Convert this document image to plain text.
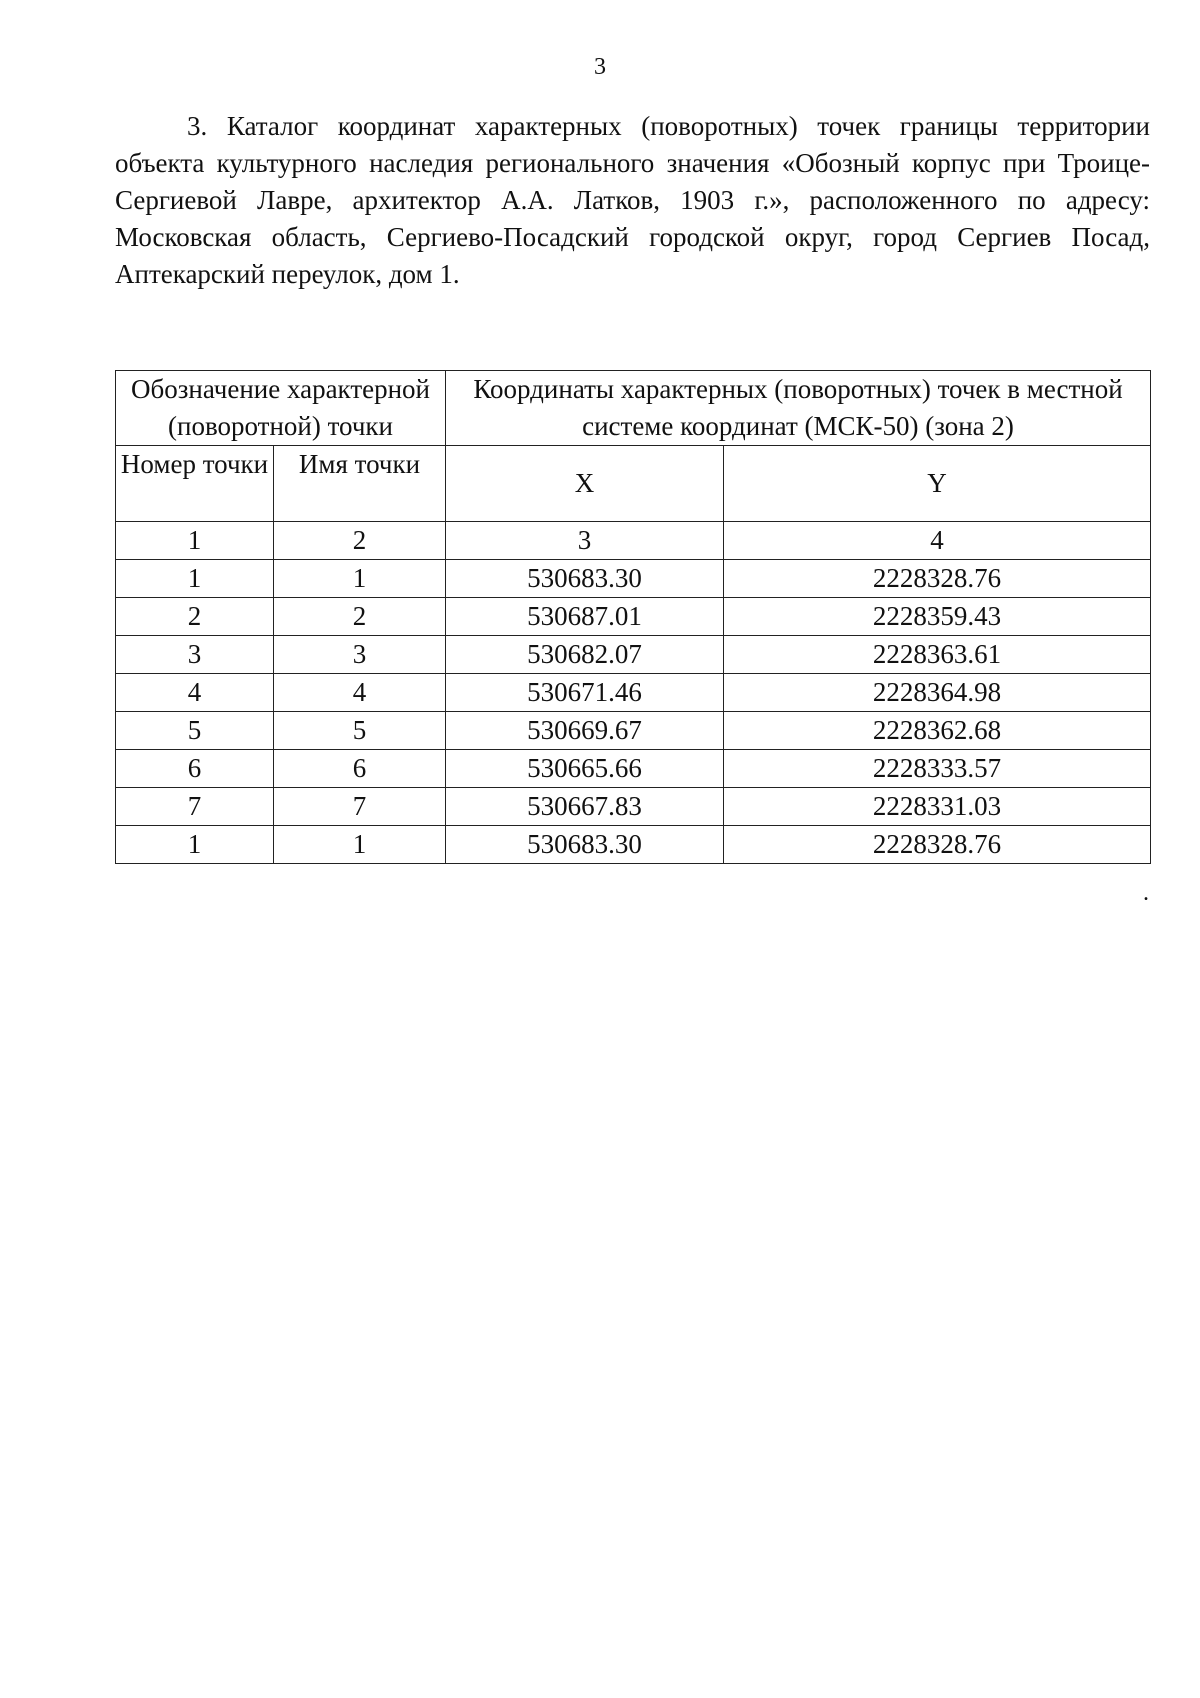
3

3. Каталог координат характерных (поворотных) точек границы территории объекта культурного наследия регионального значения «Обозный корпус при Троице-Сергиевой Лавре, архитектор А.А. Латков, 1903 г.», расположенного по адресу: Московская область, Сергиево-Посадский городской округ, город Сергиев Посад, Аптекарский переулок, дом 1.

Обозначение характерной (поворотной) точки		Координаты характерных (поворотных) точек в местной системе координат (МСК-50) (зона 2)	
Номер точки	Имя точки	X	Y
1	2	3	4
1	1	530683.30	2228328.76
2	2	530687.01	2228359.43
3	3	530682.07	2228363.61
4	4	530671.46	2228364.98
5	5	530669.67	2228362.68
6	6	530665.66	2228333.57
7	7	530667.83	2228331.03
1	1	530683.30	2228328.76
.
